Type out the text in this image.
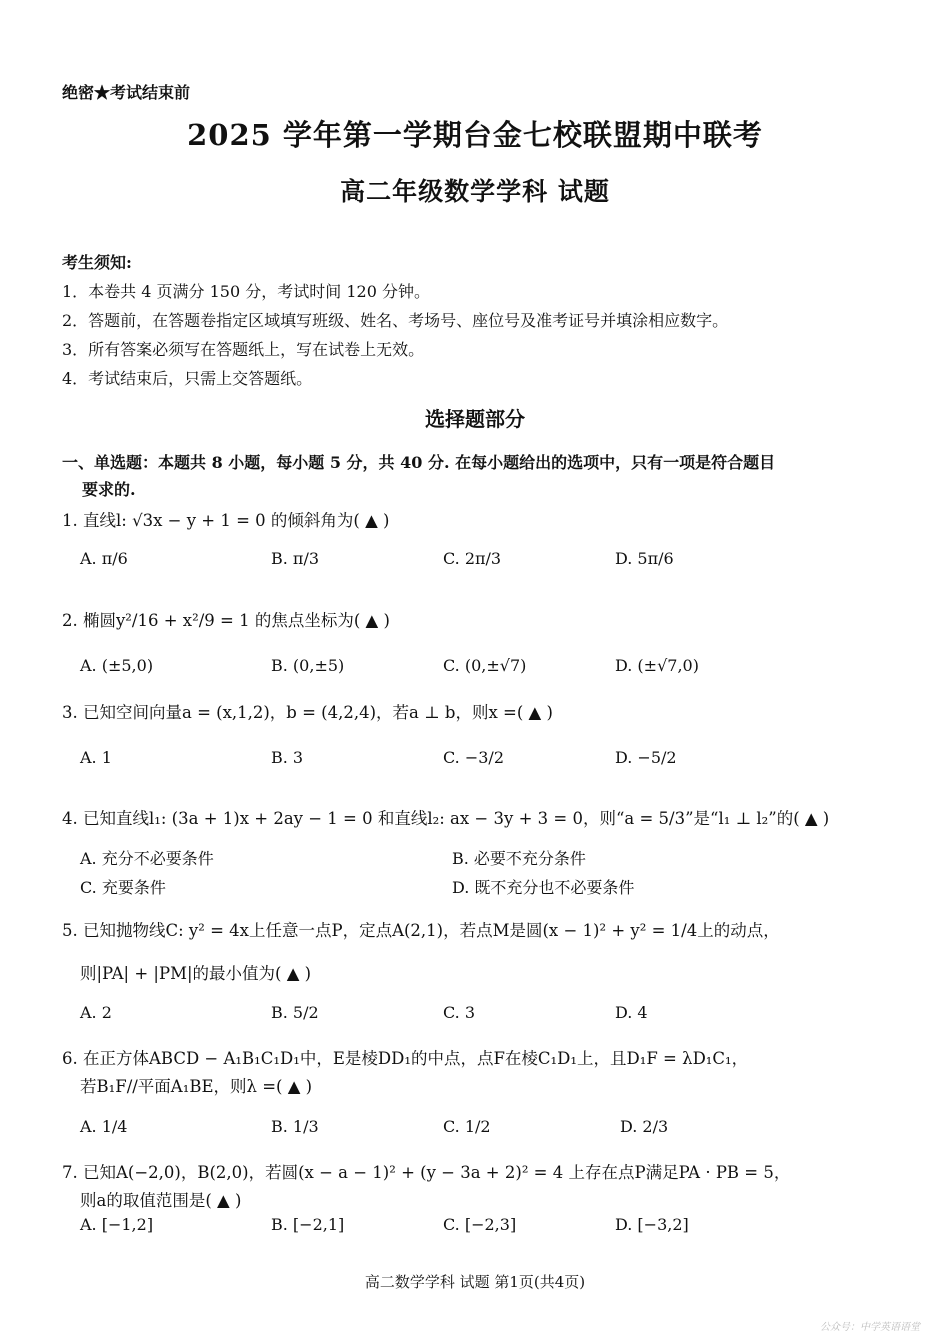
绝密★考试结束前
2025 学年第一学期台金七校联盟期中联考
高二年级数学学科 试题
考生须知:
1．本卷共 4 页满分 150 分，考试时间 120 分钟。
2．答题前，在答题卷指定区域填写班级、姓名、考场号、座位号及准考证号并填涂相应数字。
3．所有答案必须写在答题纸上，写在试卷上无效。
4．考试结束后，只需上交答题纸。
选择题部分
一、单选题：本题共 8 小题，每小题 5 分，共 40 分. 在每小题给出的选项中，只有一项是符合题目
要求的.
1. 直线l: √3x − y + 1 = 0 的倾斜角为( ▲ )
A. π/6	B. π/3	C. 2π/3	D. 5π/6
2. 椭圆y²/16 + x²/9 = 1 的焦点坐标为( ▲ )
A. (±5,0)	B. (0,±5)	C. (0,±√7)	D. (±√7,0)
3. 已知空间向量a = (x,1,2)，b = (4,2,4)，若a ⊥ b，则x =( ▲ )
A. 1	B. 3	C. −3/2	D. −5/2
4. 已知直线l₁: (3a + 1)x + 2ay − 1 = 0 和直线l₂: ax − 3y + 3 = 0，则“a = 5/3”是“l₁ ⊥ l₂”的( ▲ )
A. 充分不必要条件	B. 必要不充分条件
C. 充要条件	D. 既不充分也不必要条件
5. 已知抛物线C: y² = 4x上任意一点P，定点A(2,1)，若点M是圆(x − 1)² + y² = 1/4上的动点，
则|PA| + |PM|的最小值为( ▲ )
A. 2	B. 5/2	C. 3	D. 4
6. 在正方体ABCD − A₁B₁C₁D₁中，E是棱DD₁的中点，点F在棱C₁D₁上，且D₁F = λD₁C₁，
若B₁F//平面A₁BE，则λ =( ▲ )
A. 1/4	B. 1/3	C. 1/2	D. 2/3
7. 已知A(−2,0)，B(2,0)，若圆(x − a − 1)² + (y − 3a + 2)² = 4 上存在点P满足PA · PB = 5，
则a的取值范围是( ▲ )
A. [−1,2]	B. [−2,1]	C. [−2,3]	D. [−3,2]
高二数学学科 试题 第1页(共4页)
公众号：中学英语语堂
